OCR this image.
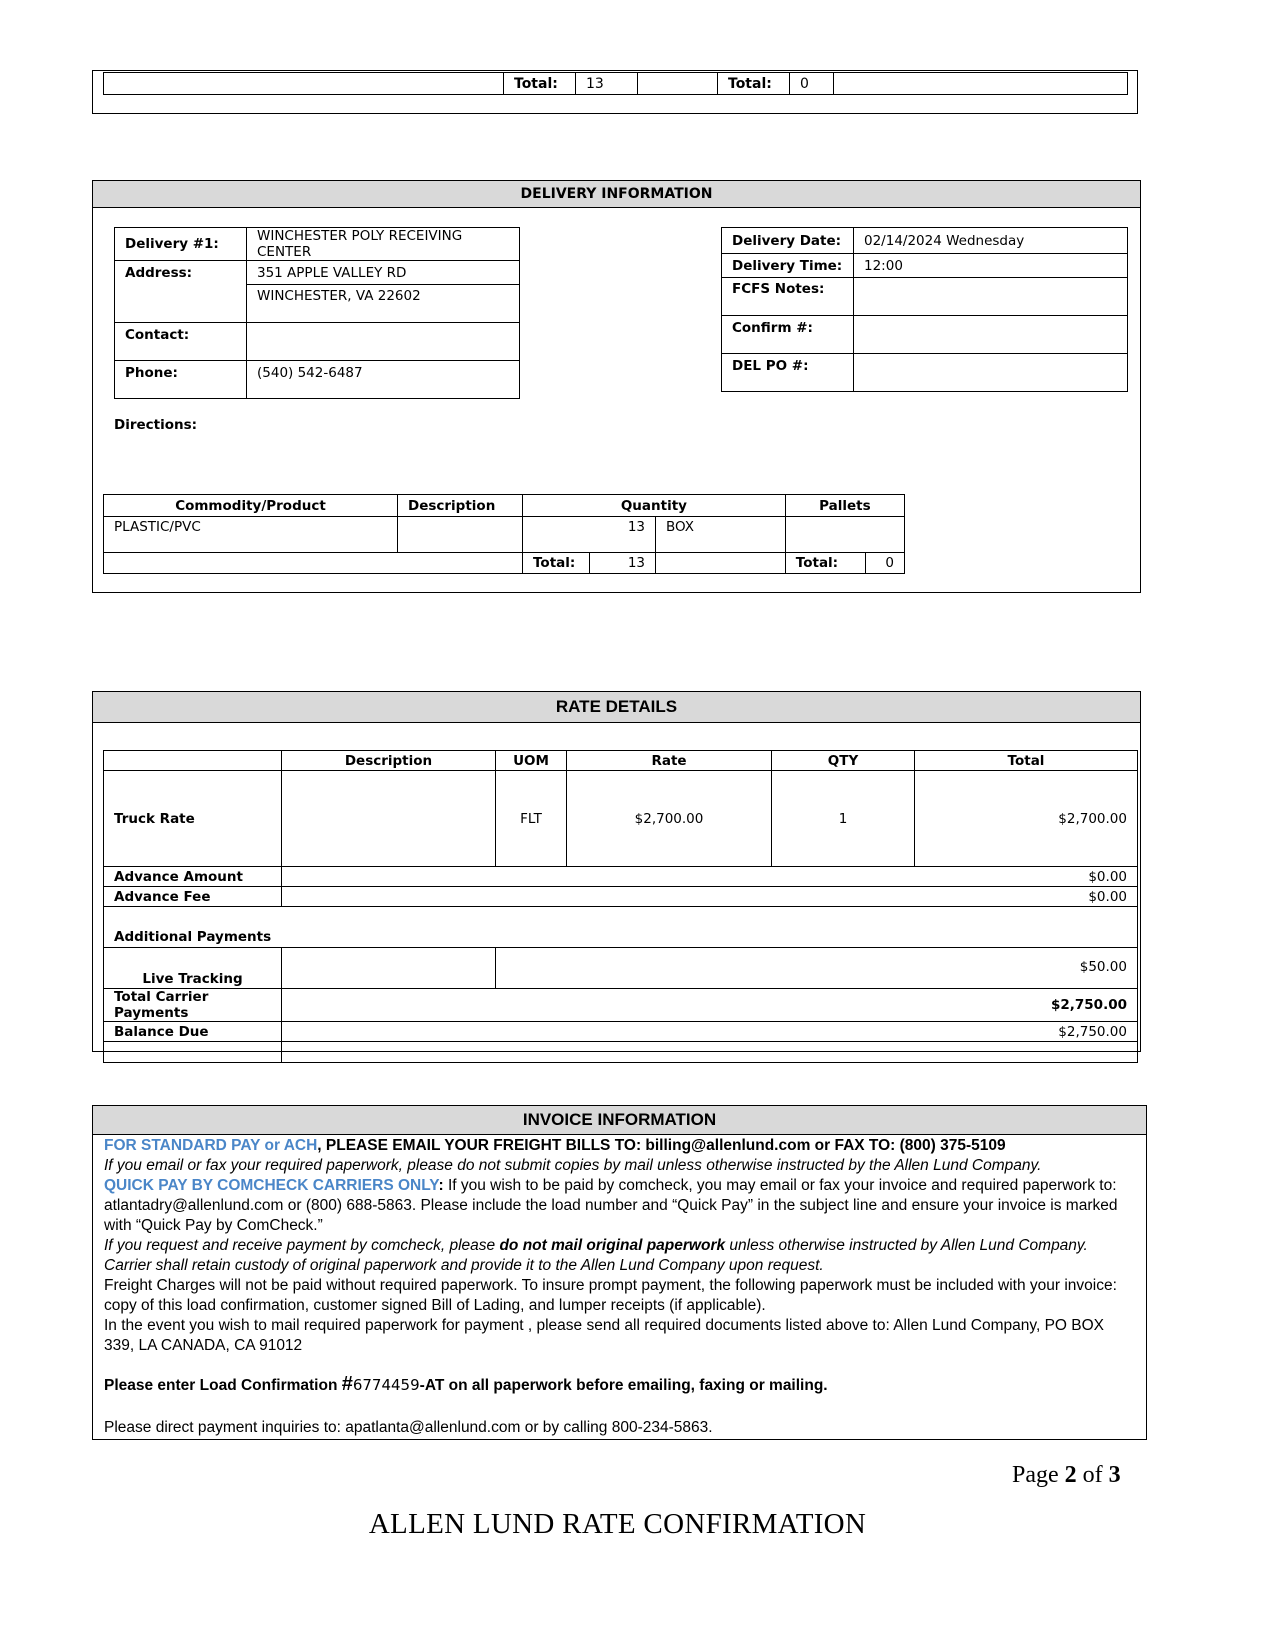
	Total:	13		Total:	0	
DELIVERY INFORMATION
Delivery #1:	WINCHESTER POLY RECEIVING CENTER
Address:	351 APPLE VALLEY RD
	WINCHESTER, VA 22602
Contact:	
Phone:	(540) 542-6487
Delivery Date:	02/14/2024 Wednesday
Delivery Time:	12:00
FCFS Notes:	
Confirm #:	
DEL PO #:	
Directions:
Commodity/Product	Description	Quantity		Pallets	
PLASTIC/PVC		13	BOX		

		Total: 13		Total:	0
RATE DETAILS
	Description	UOM	Rate	QTY	Total
Truck Rate		FLT	$2,700.00	1	$2,700.00
Advance Amount	$0.00				
Advance Fee	$0.00				
Additional Payments					
Live Tracking		$50.00			
Total Carrier Payments	$2,750.00				
Balance Due	$2,750.00				

INVOICE INFORMATION

FOR STANDARD PAY or ACH, PLEASE EMAIL YOUR FREIGHT BILLS TO: billing@allenlund.com or FAX TO: (800) 375-5109

If you email or fax your required paperwork, please do not submit copies by mail unless otherwise instructed by the Allen Lund Company.

QUICK PAY BY COMCHECK CARRIERS ONLY: If you wish to be paid by comcheck, you may email or fax your invoice and required paperwork to: atlantadry@allenlund.com or (800) 688-5863. Please include the load number and “Quick Pay” in the subject line and ensure your invoice is marked with “Quick Pay by ComCheck.”

If you request and receive payment by comcheck, please do not mail original paperwork unless otherwise instructed by Allen Lund Company. Carrier shall retain custody of original paperwork and provide it to the Allen Lund Company upon request.

Freight Charges will not be paid without required paperwork. To insure prompt payment, the following paperwork must be included with your invoice: copy of this load confirmation, customer signed Bill of Lading, and lumper receipts (if applicable).

In the event you wish to mail required paperwork for payment , please send all required documents listed above to: Allen Lund Company, PO BOX 339, LA CANADA, CA 91012

Please enter Load Confirmation #6774459-AT on all paperwork before emailing, faxing or mailing.

Please direct payment inquiries to: apatlanta@allenlund.com or by calling 800-234-5863.

Page 2 of 3
ALLEN LUND RATE CONFIRMATION
